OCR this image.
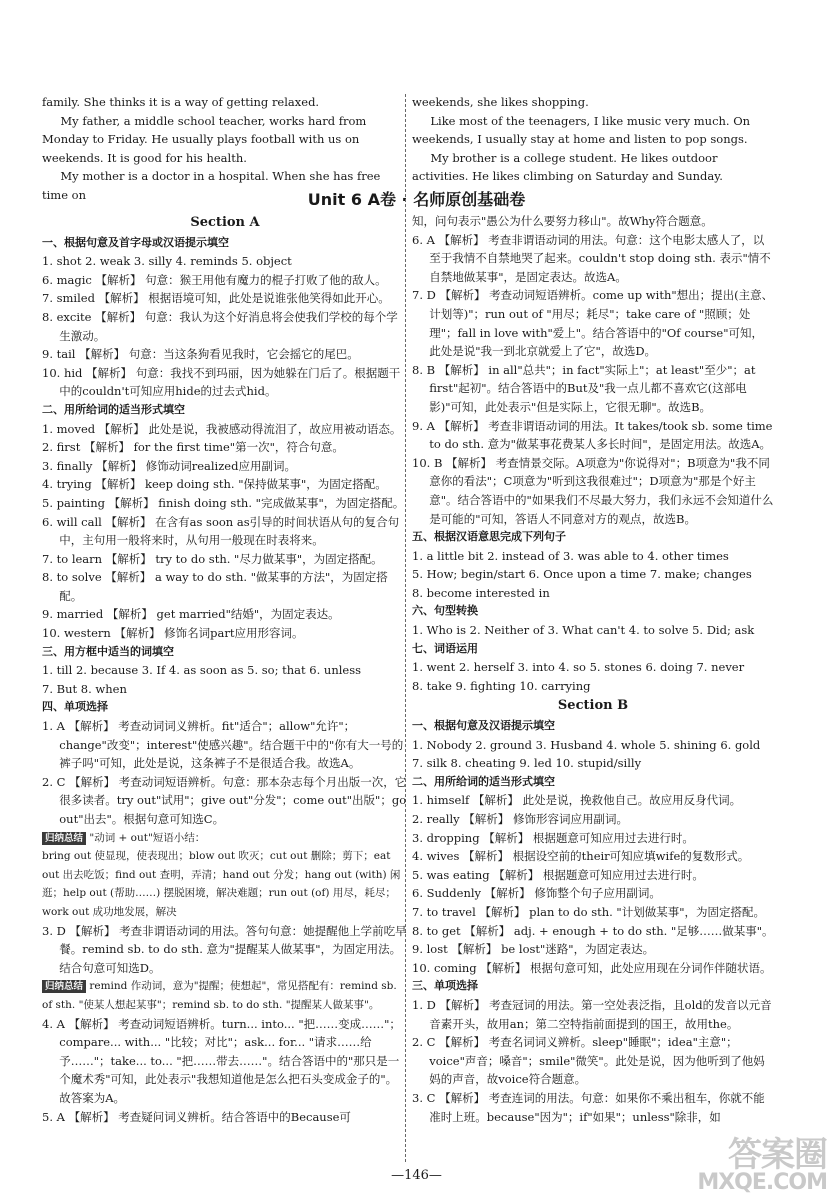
family. She thinks it is a way of getting relaxed.

My father, a middle school teacher, works hard from Monday to Friday. He usually plays football with us on weekends. It is good for his health.

My mother is a doctor in a hospital. When she has free time on

weekends, she likes shopping.

Like most of the teenagers, I like music very much. On weekends, I usually stay at home and listen to pop songs.

My brother is a college student. He likes outdoor activities. He likes climbing on Saturday and Sunday.

Unit 6 A卷 · 名师原创基础卷
Section A
一、根据句意及首字母或汉语提示填空
1. shot 2. weak 3. silly 4. reminds 5. object
6. magic 【解析】 句意：猴王用他有魔力的棍子打败了他的敌人。
7. smiled 【解析】 根据语境可知，此处是说谁张他笑得如此开心。
8. excite 【解析】 句意：我认为这个好消息将会使我们学校的每个学生激动。
9. tail 【解析】 句意：当这条狗看见我时，它会摇它的尾巴。
10. hid 【解析】 句意：我找不到玛丽，因为她躲在门后了。根据题干中的couldn't可知应用hide的过去式hid。
二、用所给词的适当形式填空
1. moved 【解析】 此处是说，我被感动得流泪了，故应用被动语态。
2. first 【解析】 for the first time"第一次"，符合句意。
3. finally 【解析】 修饰动词realized应用副词。
4. trying 【解析】 keep doing sth. "保持做某事"，为固定搭配。
5. painting 【解析】 finish doing sth. "完成做某事"，为固定搭配。
6. will call 【解析】 在含有as soon as引导的时间状语从句的复合句中，主句用一般将来时，从句用一般现在时表将来。
7. to learn 【解析】 try to do sth. "尽力做某事"，为固定搭配。
8. to solve 【解析】 a way to do sth. "做某事的方法"，为固定搭配。
9. married 【解析】 get married"结婚"，为固定表达。
10. western 【解析】 修饰名词part应用形容词。
三、用方框中适当的词填空
1. till 2. because 3. If 4. as soon as 5. so; that 6. unless
7. But 8. when
四、单项选择
1. A 【解析】 考查动词词义辨析。fit"适合"；allow"允许"；change"改变"；interest"使感兴趣"。结合题干中的"你有大一号的裤子吗"可知，此处是说，这条裤子不是很适合我。故选A。
2. C 【解析】 考查动词短语辨析。句意：那本杂志每个月出版一次，它很多读者。try out"试用"；give out"分发"；come out"出版"；go out"出去"。根据句意可知选C。
归纳总结 "动词 + out"短语小结：
bring out 使显现，使表现出；blow out 吹灭；cut out 删除；剪下；eat out 出去吃饭；find out 查明，弄清；hand out 分发；hang out (with) 闲逛；help out (帮助……) 摆脱困境，解决难题；run out (of) 用尽，耗尽；work out 成功地发展，解决
3. D 【解析】 考查非谓语动词的用法。答句句意：她提醒他上学前吃早餐。remind sb. to do sth. 意为"提醒某人做某事"，为固定用法。结合句意可知选D。
归纳总结 remind 作动词，意为"提醒；使想起"，常见搭配有：remind sb. of sth. "使某人想起某事"；remind sb. to do sth. "提醒某人做某事"。
4. A 【解析】 考查动词短语辨析。turn... into... "把……变成……"；compare... with... "比较；对比"；ask... for... "请求……给予……"；take... to... "把……带去……"。结合答语中的"那只是一个魔术秀"可知，此处表示"我想知道他是怎么把石头变成金子的"。故答案为A。
5. A 【解析】 考查疑问词义辨析。结合答语中的Because可
知，问句表示"愚公为什么要努力移山"。故Why符合题意。
6. A 【解析】 考查非谓语动词的用法。句意：这个电影太感人了，以至于我情不自禁地哭了起来。couldn't stop doing sth. 表示"情不自禁地做某事"，是固定表达。故选A。
7. D 【解析】 考查动词短语辨析。come up with"想出；提出(主意、计划等)"；run out of "用尽；耗尽"；take care of "照顾；处理"；fall in love with"爱上"。结合答语中的"Of course"可知，此处是说"我一到北京就爱上了它"，故选D。
8. B 【解析】 in all"总共"；in fact"实际上"；at least"至少"；at first"起初"。结合答语中的But及"我一点儿都不喜欢它(这部电影)"可知，此处表示"但是实际上，它很无聊"。故选B。
9. A 【解析】 考查非谓语动词的用法。It takes/took sb. some time to do sth. 意为"做某事花费某人多长时间"，是固定用法。故选A。
10. B 【解析】 考查情景交际。A项意为"你说得对"；B项意为"我不同意你的看法"；C项意为"听到这我很难过"；D项意为"那是个好主意"。结合答语中的"如果我们不尽最大努力，我们永远不会知道什么是可能的"可知，答语人不同意对方的观点，故选B。
五、根据汉语意思完成下列句子
1. a little bit 2. instead of 3. was able to 4. other times
5. How; begin/start 6. Once upon a time 7. make; changes
8. become interested in
六、句型转换
1. Who is 2. Neither of 3. What can't 4. to solve 5. Did; ask
七、词语运用
1. went 2. herself 3. into 4. so 5. stones 6. doing 7. never
8. take 9. fighting 10. carrying
Section B
一、根据句意及汉语提示填空
1. Nobody 2. ground 3. Husband 4. whole 5. shining 6. gold
7. silk 8. cheating 9. led 10. stupid/silly
二、用所给词的适当形式填空
1. himself 【解析】 此处是说，挽救他自己。故应用反身代词。
2. really 【解析】 修饰形容词应用副词。
3. dropping 【解析】 根据题意可知应用过去进行时。
4. wives 【解析】 根据设空前的their可知应填wife的复数形式。
5. was eating 【解析】 根据题意可知应用过去进行时。
6. Suddenly 【解析】 修饰整个句子应用副词。
7. to travel 【解析】 plan to do sth. "计划做某事"，为固定搭配。
8. to get 【解析】 adj. + enough + to do sth. "足够……做某事"。
9. lost 【解析】 be lost"迷路"，为固定表达。
10. coming 【解析】 根据句意可知，此处应用现在分词作伴随状语。
三、单项选择
1. D 【解析】 考查冠词的用法。第一空处表泛指，且old的发音以元音音素开头，故用an；第二空特指前面提到的国王，故用the。
2. C 【解析】 考查名词词义辨析。sleep"睡眠"；idea"主意"；voice"声音；嗓音"；smile"微笑"。此处是说，因为他听到了他妈妈的声音，故voice符合题意。
3. C 【解析】 考查连词的用法。句意：如果你不乘出租车，你就不能准时上班。because"因为"；if"如果"；unless"除非，如
—146—
答案圈
MXQE.COM
